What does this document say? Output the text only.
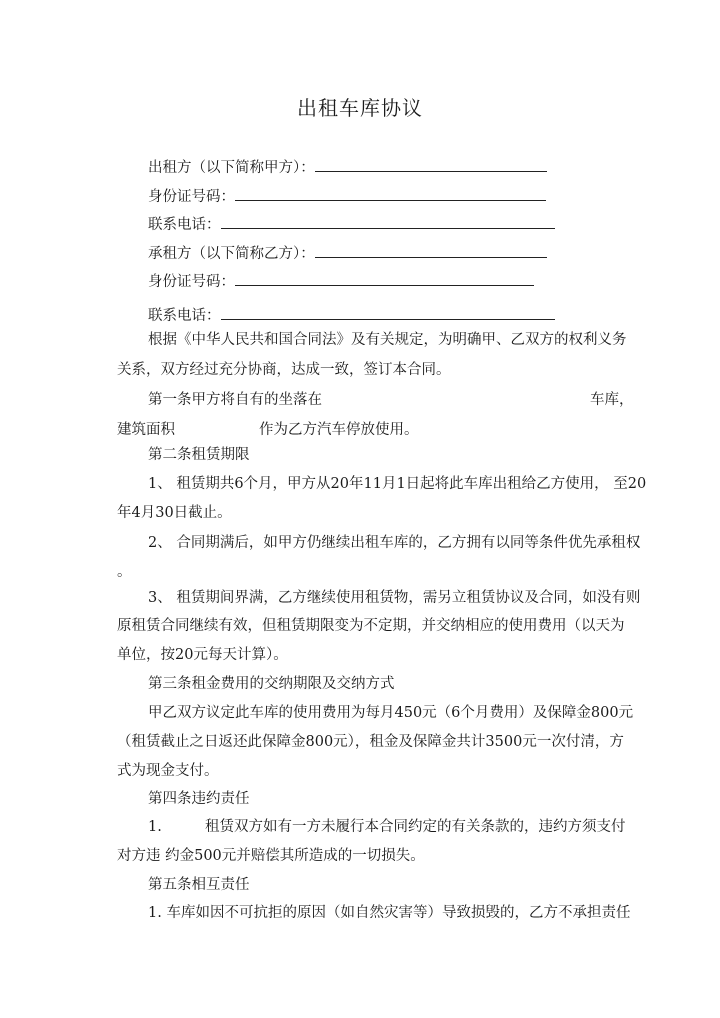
出租车库协议
出租方（以下简称甲方）：
身份证号码：
联系电话：
承租方（以下简称乙方）：
身份证号码：
联系电话：
根据《中华人民共和国合同法》及有关规定，为明确甲、乙双方的权利义务
关系，双方经过充分协商，达成一致，签订本合同。
第一条甲方将自有的坐落在	车库，
建筑面积	作为乙方汽车停放使用。
第二条租赁期限
1、 租赁期共6个月，甲方从20年11月1日起将此车库出租给乙方使用， 至20
年4月30日截止。
2、 合同期满后，如甲方仍继续出租车库的，乙方拥有以同等条件优先承租权
。
3、 租赁期间界满，乙方继续使用租赁物，需另立租赁协议及合同，如没有则
原租赁合同继续有效，但租赁期限变为不定期，并交纳相应的使用费用（以天为
单位，按20元每天计算）。
第三条租金费用的交纳期限及交纳方式
甲乙双方议定此车库的使用费用为每月450元（6个月费用）及保障金800元
（租赁截止之日返还此保障金800元），租金及保障金共计3500元一次付清，方
式为现金支付。
第四条违约责任
1.	租赁双方如有一方未履行本合同约定的有关条款的，违约方须支付
对方违 约金500元并赔偿其所造成的一切损失。
第五条相互责任
1. 车库如因不可抗拒的原因（如自然灾害等）导致损毁的，乙方不承担责任
